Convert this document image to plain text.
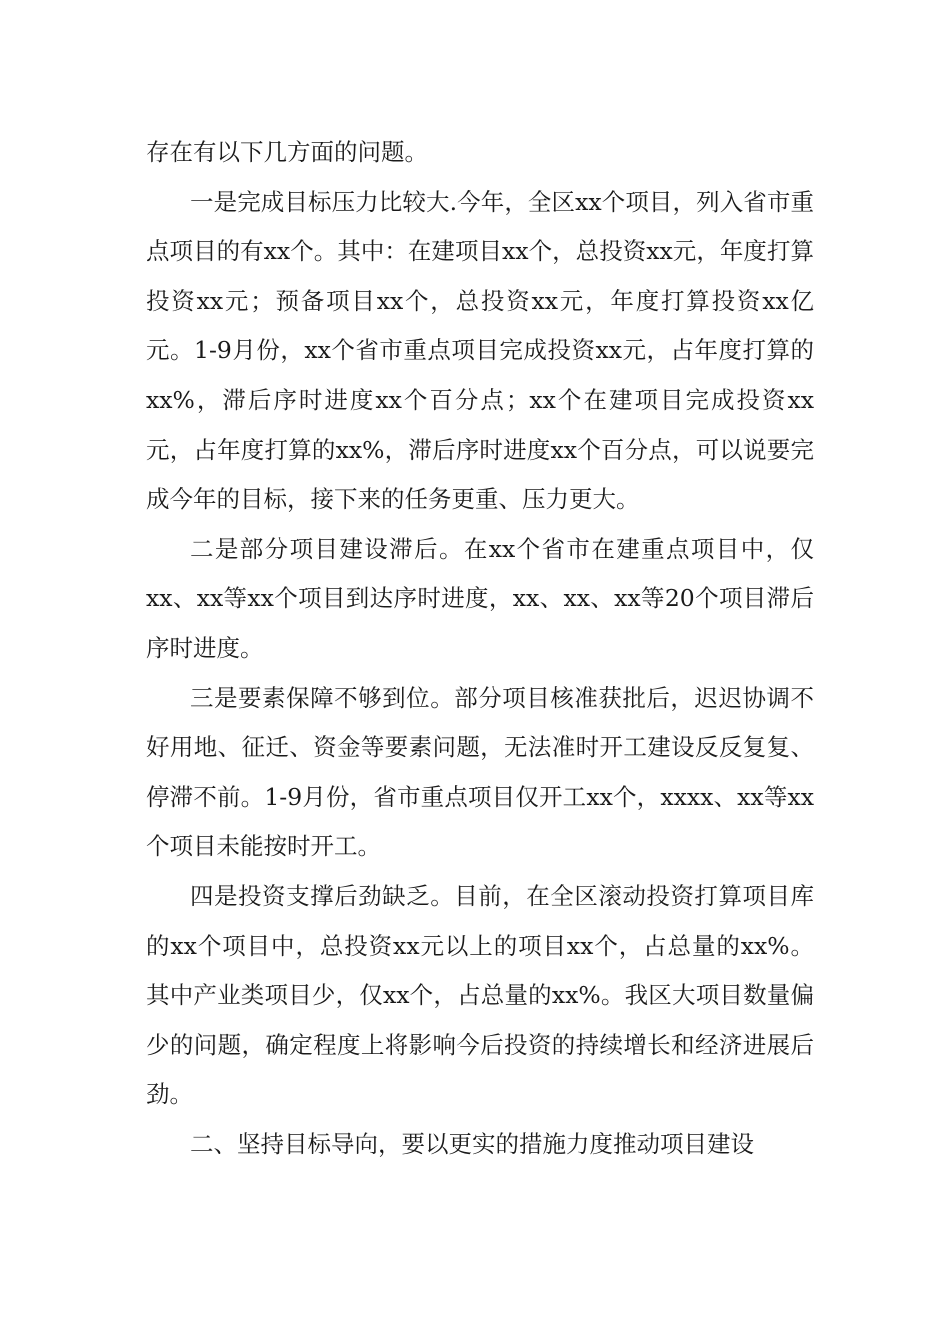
存在有以下几方面的问题。

一是完成目标压力比较大.今年，全区xx个项目，列入省市重点项目的有xx个。其中：在建项目xx个，总投资xx元，年度打算投资xx元；预备项目xx个，总投资xx元，年度打算投资xx亿元。1-9月份，xx个省市重点项目完成投资xx元，占年度打算的xx%，滞后序时进度xx个百分点；xx个在建项目完成投资xx元，占年度打算的xx%，滞后序时进度xx个百分点，可以说要完成今年的目标，接下来的任务更重、压力更大。

二是部分项目建设滞后。在xx个省市在建重点项目中，仅xx、xx等xx个项目到达序时进度，xx、xx、xx等20个项目滞后序时进度。

三是要素保障不够到位。部分项目核准获批后，迟迟协调不好用地、征迁、资金等要素问题，无法准时开工建设反反复复、停滞不前。1-9月份，省市重点项目仅开工xx个，xxxx、xx等xx个项目未能按时开工。

四是投资支撑后劲缺乏。目前，在全区滚动投资打算项目库的xx个项目中，总投资xx元以上的项目xx个，占总量的xx%。其中产业类项目少，仅xx个，占总量的xx%。我区大项目数量偏少的问题，确定程度上将影响今后投资的持续增长和经济进展后劲。

二、坚持目标导向，要以更实的措施力度推动项目建设
